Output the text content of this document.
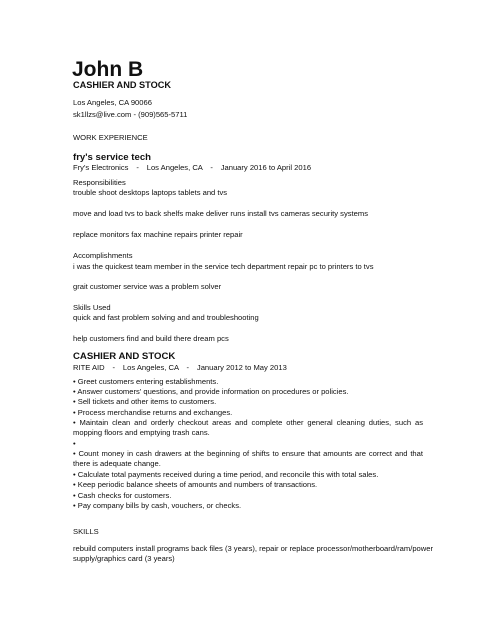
John B
CASHIER AND STOCK
Los Angeles, CA 90066
sk1llzs@live.com - (909)565-5711
WORK EXPERIENCE
fry's service tech
Fry's Electronics - Los Angeles, CA - January 2016 to April 2016
Responsibilities
trouble shoot desktops laptops tablets and tvs
move and load tvs to back shelfs make deliver runs install tvs cameras security systems
replace monitors fax machine repairs printer repair
Accomplishments
i was the quickest team member in the service tech department repair pc to printers to tvs
grait customer service was a problem solver
Skills Used
quick and fast problem solving and and troubleshooting
help customers find and build there dream pcs
CASHIER AND STOCK
RITE AID - Los Angeles, CA - January 2012 to May 2013
• Greet customers entering establishments.
• Answer customers' questions, and provide information on procedures or policies.
• Sell tickets and other items to customers.
• Process merchandise returns and exchanges.
• Maintain clean and orderly checkout areas and complete other general cleaning duties, such as mopping floors and emptying trash cans.
•
• Count money in cash drawers at the beginning of shifts to ensure that amounts are correct and that there is adequate change.
• Calculate total payments received during a time period, and reconcile this with total sales.
• Keep periodic balance sheets of amounts and numbers of transactions.
• Cash checks for customers.
• Pay company bills by cash, vouchers, or checks.
SKILLS
rebuild computers install programs back files (3 years), repair or replace processor/motherboard/ram/power supply/graphics card (3 years)
